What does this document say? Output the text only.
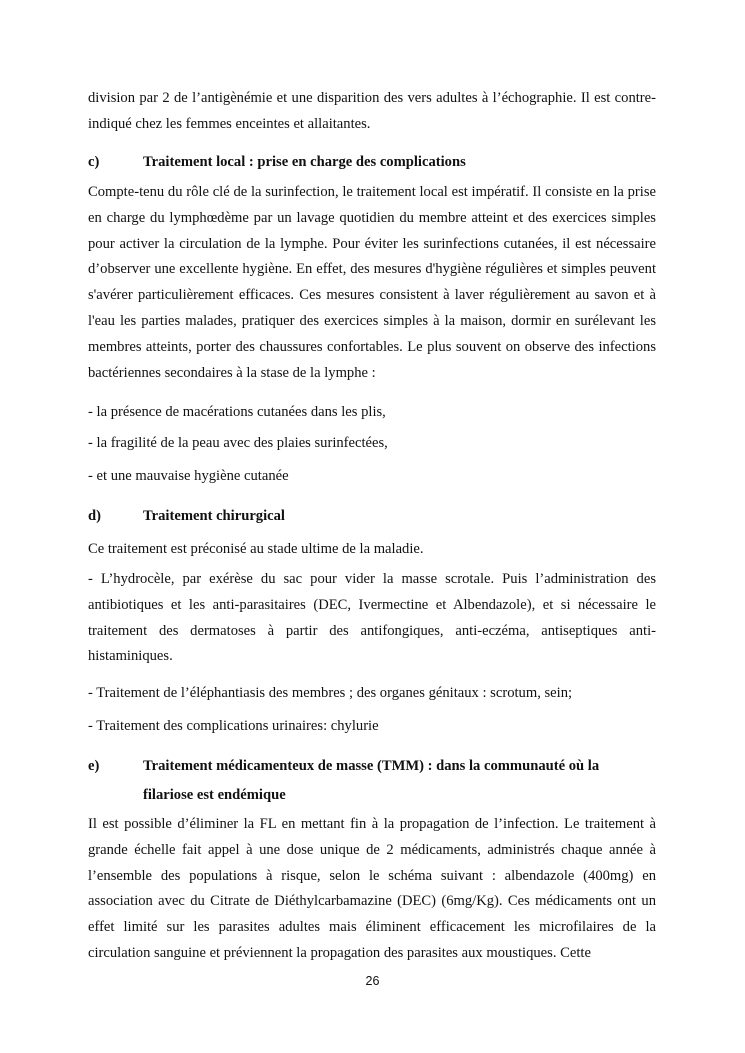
division par 2 de l’antigènémie et une disparition des vers adultes à l’échographie. Il est contre-indiqué chez les femmes enceintes et allaitantes.

c)	Traitement local : prise en charge des complications

Compte-tenu du rôle clé de la surinfection, le traitement local est impératif. Il consiste en la prise en charge du lymphœdème par un lavage quotidien du membre atteint et des exercices simples pour activer la circulation de la lymphe. Pour éviter les surinfections cutanées, il est nécessaire d’observer une excellente hygiène. En effet, des mesures d'hygiène régulières et simples peuvent s'avérer particulièrement efficaces. Ces mesures consistent à laver régulièrement au savon et à l'eau les parties malades, pratiquer des exercices simples à la maison, dormir en surélevant les membres atteints, porter des chaussures confortables. Le plus souvent on observe des infections bactériennes secondaires à la stase de la lymphe :

- la présence de macérations cutanées dans les plis,

- la fragilité de la peau avec des plaies surinfectées,

- et une mauvaise hygiène cutanée

d)	Traitement chirurgical

Ce traitement est préconisé au stade ultime de la maladie.

- L’hydrocèle, par exérèse du sac pour vider la masse scrotale. Puis l’administration des antibiotiques et les anti-parasitaires (DEC, Ivermectine et Albendazole), et si nécessaire le traitement des dermatoses à partir des antifongiques, anti-eczéma, antiseptiques anti-histaminiques.

- Traitement de l’éléphantiasis des membres ; des organes génitaux : scrotum, sein;

- Traitement des complications urinaires: chylurie

e)	Traitement médicamenteux de masse (TMM) : dans la communauté où la
filariose est endémique

Il est possible d’éliminer la FL en mettant fin à la propagation de l’infection. Le traitement à grande échelle fait appel à une dose unique de 2 médicaments, administrés chaque année à l’ensemble des populations à risque, selon le schéma suivant : albendazole (400mg) en association avec du Citrate de Diéthylcarbamazine (DEC) (6mg/Kg). Ces médicaments ont un effet limité sur les parasites adultes mais éliminent efficacement les microfilaires de la circulation sanguine et préviennent la propagation des parasites aux moustiques. Cette

26
